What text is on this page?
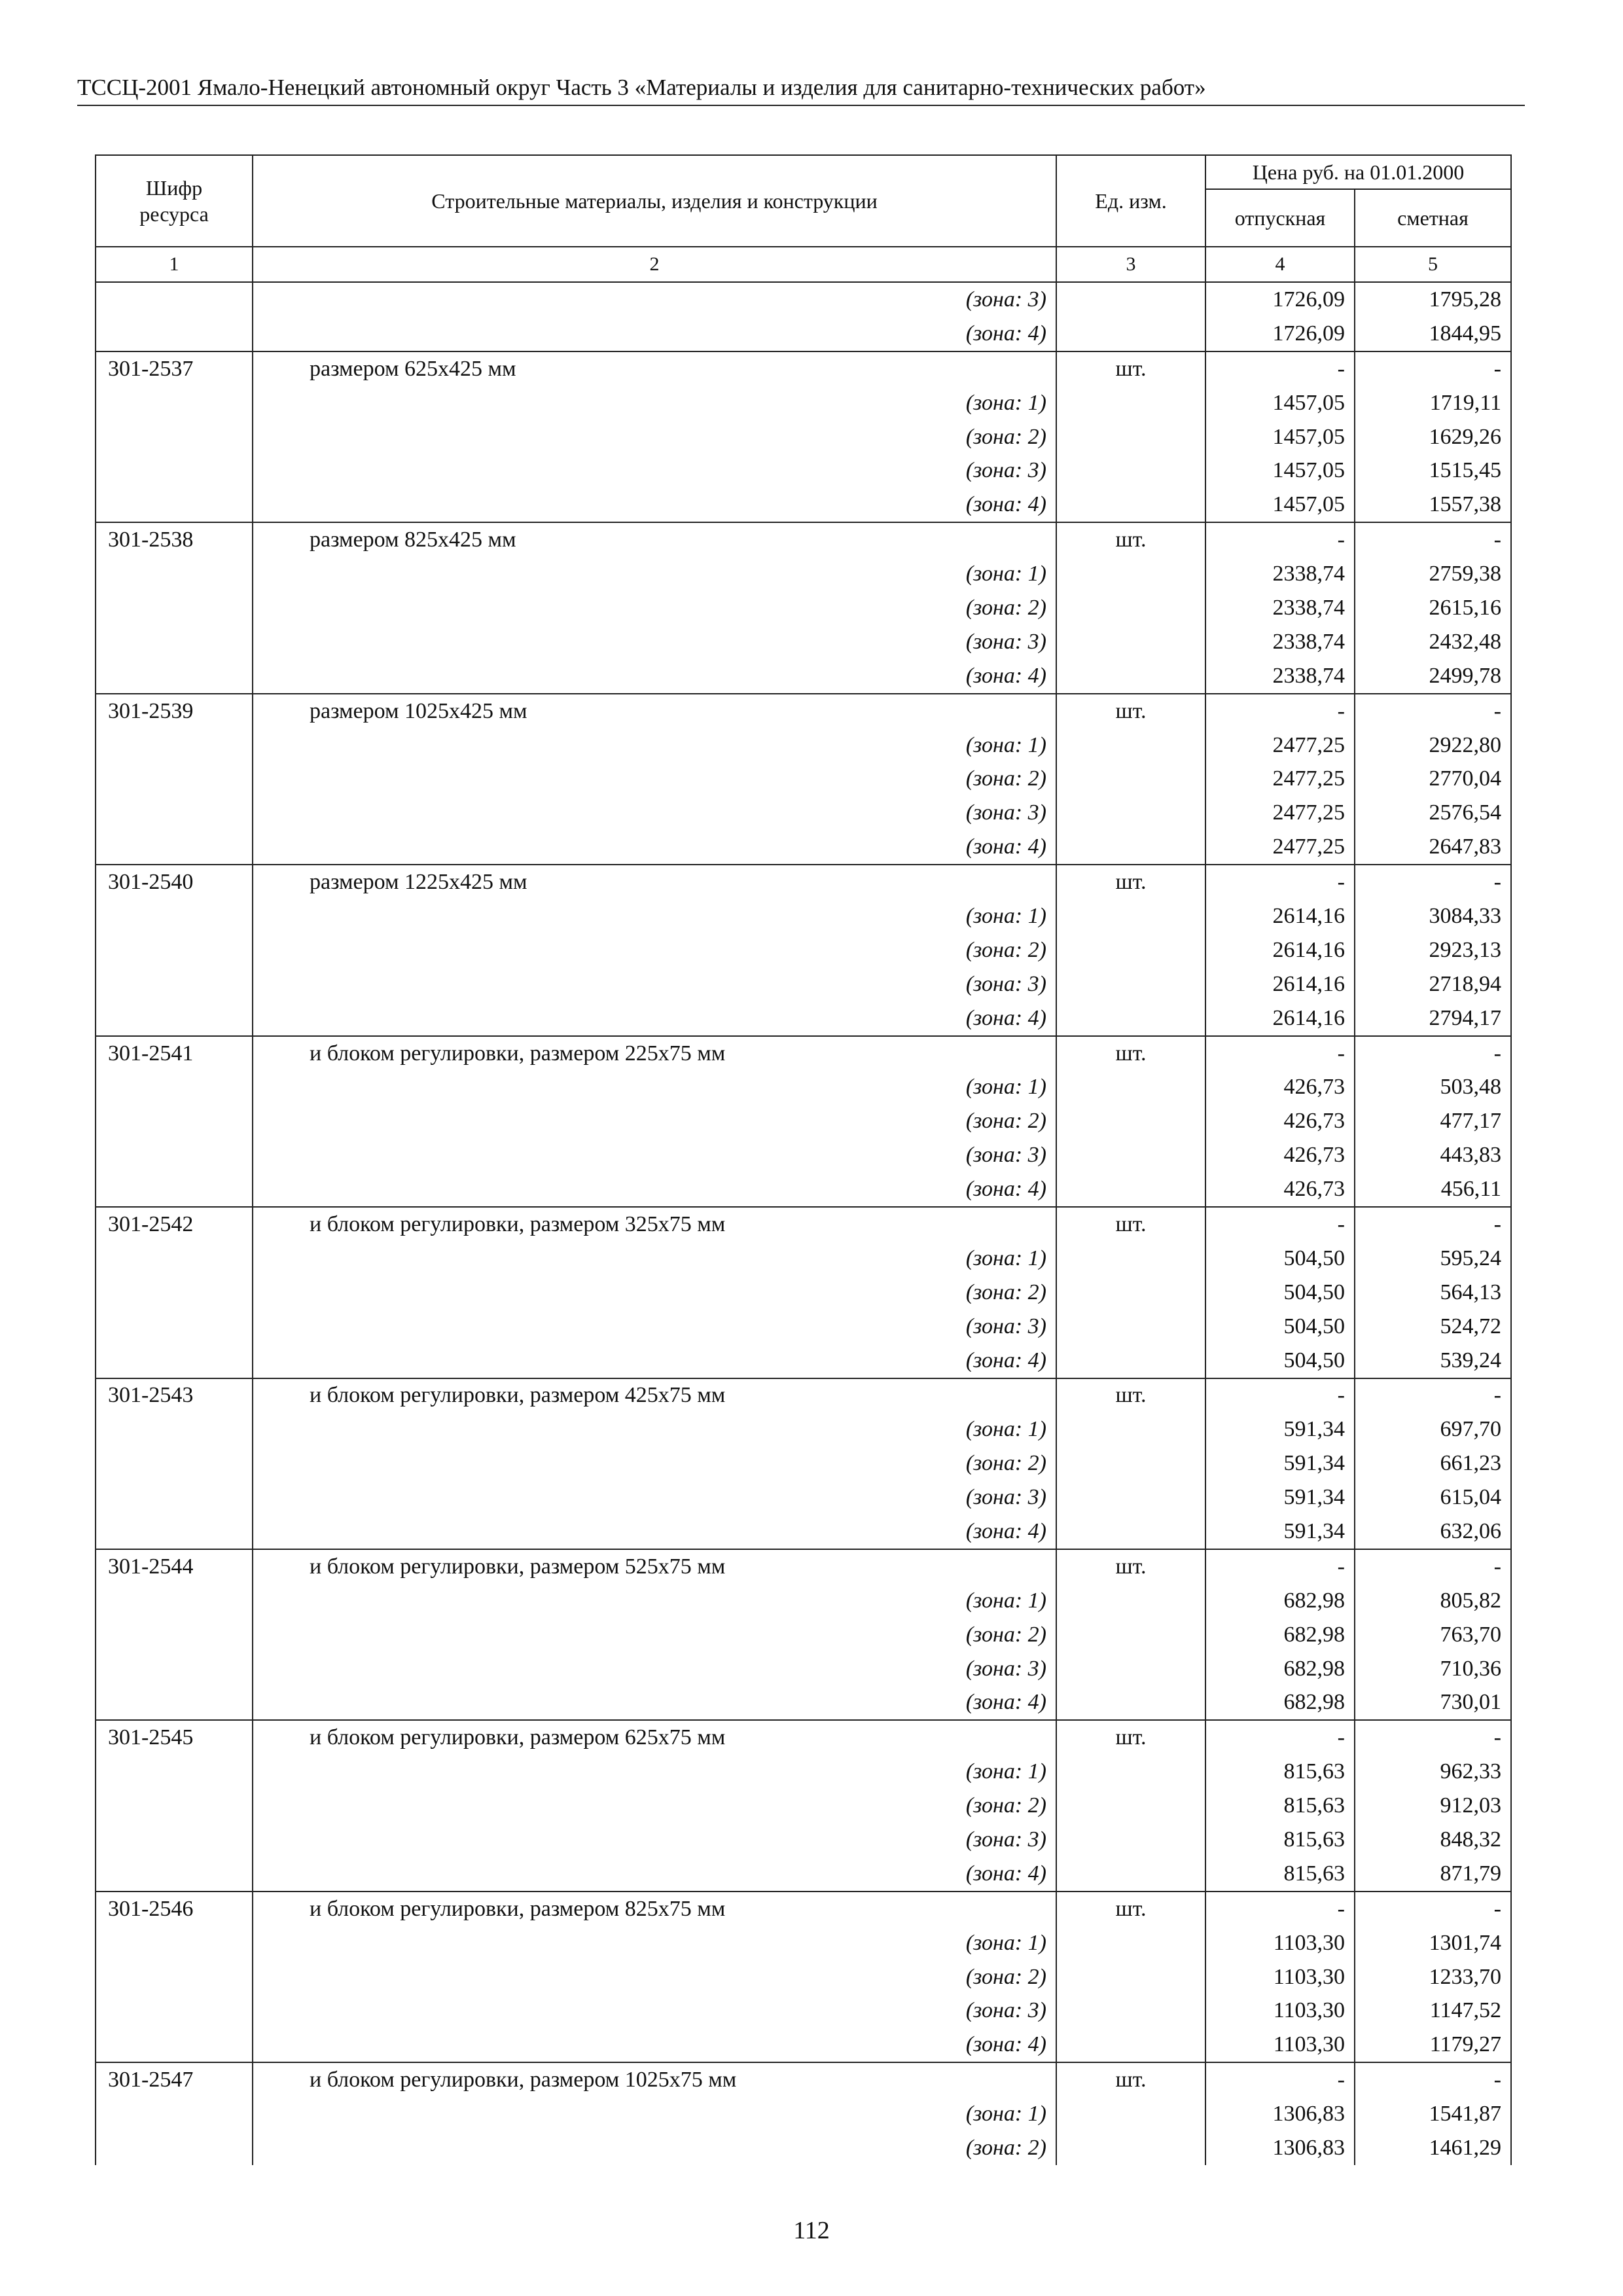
ТССЦ-2001 Ямало-Ненецкий автономный округ Часть 3 «Материалы и изделия для санитарно-технических работ»
Шифр ресурса	Строительные материалы, изделия и конструкции	Ед. изм.	Цена руб. на 01.01.2000	
			отпускная	сметная
1	2	3	4	5
	(зона: 3)		1726,09	1795,28
	(зона: 4)		1726,09	1844,95
301-2537	размером 625x425 мм	шт.	-	-
	(зона: 1)		1457,05	1719,11
	(зона: 2)		1457,05	1629,26
	(зона: 3)		1457,05	1515,45
	(зона: 4)		1457,05	1557,38
301-2538	размером 825x425 мм	шт.	-	-
	(зона: 1)		2338,74	2759,38
	(зона: 2)		2338,74	2615,16
	(зона: 3)		2338,74	2432,48
	(зона: 4)		2338,74	2499,78
301-2539	размером 1025x425 мм	шт.	-	-
	(зона: 1)		2477,25	2922,80
	(зона: 2)		2477,25	2770,04
	(зона: 3)		2477,25	2576,54
	(зона: 4)		2477,25	2647,83
301-2540	размером 1225x425 мм	шт.	-	-
	(зона: 1)		2614,16	3084,33
	(зона: 2)		2614,16	2923,13
	(зона: 3)		2614,16	2718,94
	(зона: 4)		2614,16	2794,17
301-2541	и блоком регулировки, размером 225x75 мм	шт.	-	-
	(зона: 1)		426,73	503,48
	(зона: 2)		426,73	477,17
	(зона: 3)		426,73	443,83
	(зона: 4)		426,73	456,11
301-2542	и блоком регулировки, размером 325x75 мм	шт.	-	-
	(зона: 1)		504,50	595,24
	(зона: 2)		504,50	564,13
	(зона: 3)		504,50	524,72
	(зона: 4)		504,50	539,24
301-2543	и блоком регулировки, размером 425x75 мм	шт.	-	-
	(зона: 1)		591,34	697,70
	(зона: 2)		591,34	661,23
	(зона: 3)		591,34	615,04
	(зона: 4)		591,34	632,06
301-2544	и блоком регулировки, размером 525x75 мм	шт.	-	-
	(зона: 1)		682,98	805,82
	(зона: 2)		682,98	763,70
	(зона: 3)		682,98	710,36
	(зона: 4)		682,98	730,01
301-2545	и блоком регулировки, размером 625x75 мм	шт.	-	-
	(зона: 1)		815,63	962,33
	(зона: 2)		815,63	912,03
	(зона: 3)		815,63	848,32
	(зона: 4)		815,63	871,79
301-2546	и блоком регулировки, размером 825x75 мм	шт.	-	-
	(зона: 1)		1103,30	1301,74
	(зона: 2)		1103,30	1233,70
	(зона: 3)		1103,30	1147,52
	(зона: 4)		1103,30	1179,27
301-2547	и блоком регулировки, размером 1025x75 мм	шт.	-	-
	(зона: 1)		1306,83	1541,87
	(зона: 2)		1306,83	1461,29
112
